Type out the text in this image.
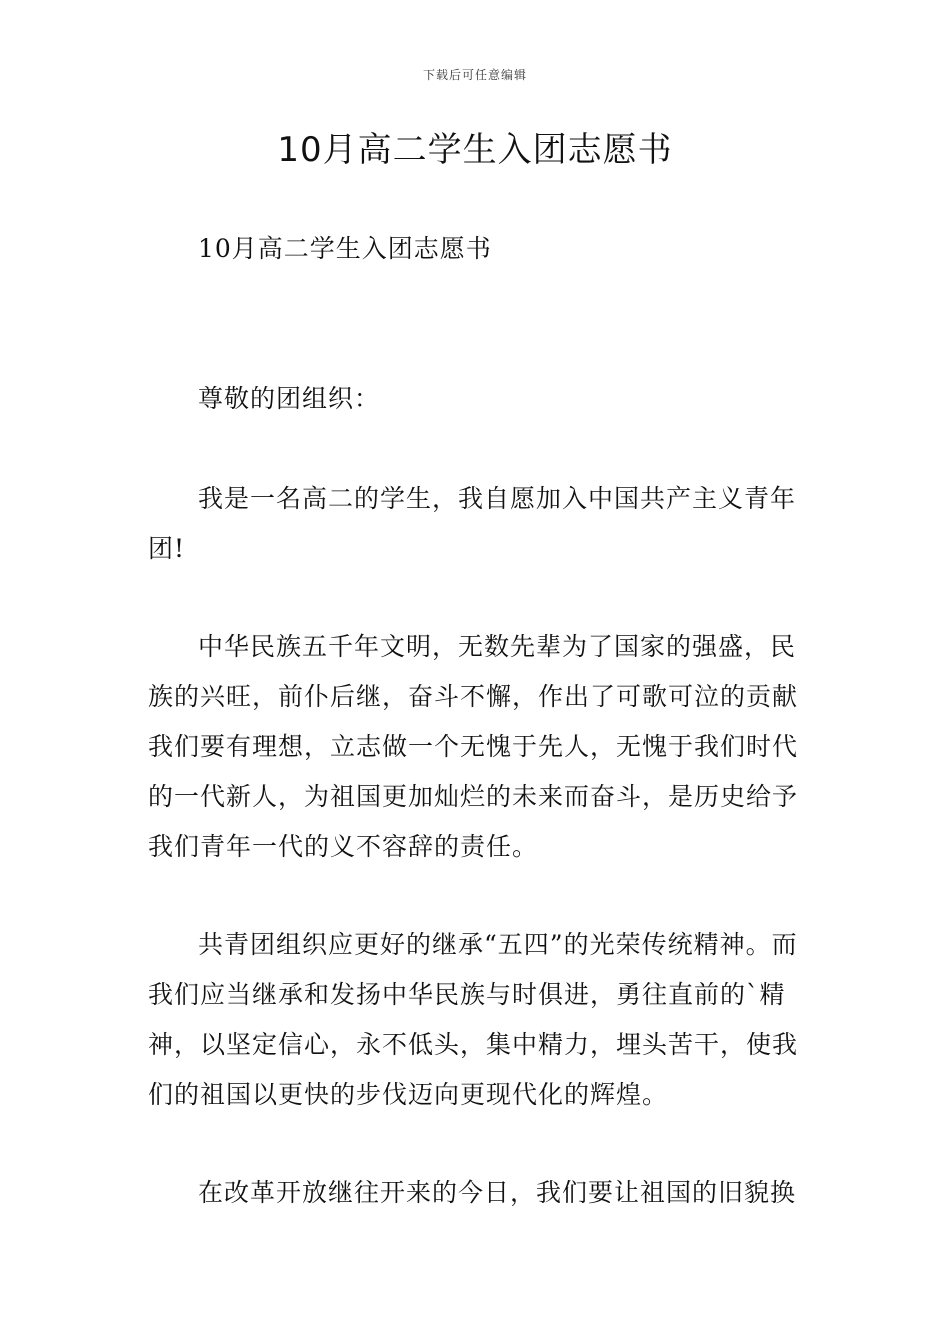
下载后可任意编辑
10月高二学生入团志愿书

10月高二学生入团志愿书

尊敬的团组织：

我是一名高二的学生，我自愿加入中国共产主义青年团!

中华民族五千年文明，无数先辈为了国家的强盛，民族的兴旺，前仆后继，奋斗不懈，作出了可歌可泣的贡献我们要有理想，立志做一个无愧于先人，无愧于我们时代的一代新人，为祖国更加灿烂的未来而奋斗，是历史给予我们青年一代的义不容辞的责任。

共青团组织应更好的继承“五四”的光荣传统精神。而我们应当继承和发扬中华民族与时俱进，勇往直前的`精神，以坚定信心，永不低头，集中精力，埋头苦干，使我们的祖国以更快的步伐迈向更现代化的辉煌。

在改革开放继往开来的今日，我们要让祖国的旧貌换
